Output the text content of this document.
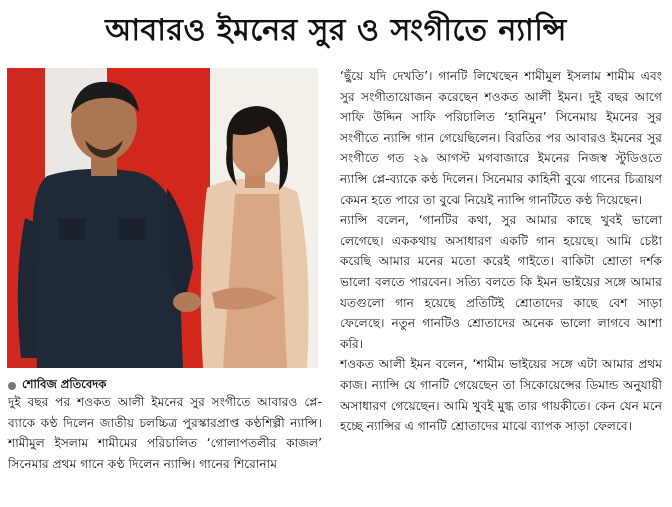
আবারও ইমনের সুর ও সংগীতে ন্যান্সি
শোবিজ প্রতিবেদক

দুই বছর পর শওকত আলী ইমনের সুর সংগীতে আবারও প্লে-ব্যাকে কণ্ঠ দিলেন জাতীয় চলচ্চিত্র পুরস্কারপ্রাপ্ত কণ্ঠশিল্পী ন্যান্সি। শামীমুল ইসলাম শামীমের পরিচালিত ‘গোলাপতলীর কাজল’ সিনেমার প্রথম গানে কণ্ঠ দিলেন ন্যান্সি। গানের শিরোনাম

‘ছুঁয়ে যদি দেখতি’। গানটি লিখেছেন শামীমুল ইসলাম শামীম এবং সুর সংগীতায়োজন করেছেন শওকত আলী ইমন। দুই বছর আগে সাফি উদ্দিন সাফি পরিচালিত ‘হানিমুন’ সিনেমায় ইমনের সুর সংগীতে ন্যান্সি গান গেয়েছিলেন। বিরতির পর আবারও ইমনের সুর সংগীতে গত ২৯ আগস্ট মগবাজারে ইমনের নিজস্ব স্টুডিওতে ন্যান্সি প্লে-ব্যাকে কণ্ঠ দিলেন। সিনেমার কাহিনী বুঝে গানের চিত্রায়ণ কেমন হতে পারে তা বুঝে নিয়েই ন্যান্সি গানটিতে কণ্ঠ দিয়েছেন।

ন্যান্সি বলেন, ‘গানটির কথা, সুর আমার কাছে খুবই ভালো লেগেছে। এককথায় অসাধারণ একটি গান হয়েছে। আমি চেষ্টা করেছি আমার মনের মতো করেই গাইতে। বাকিটা শ্রোতা দর্শক ভালো বলতে পারবেন। সত্যি বলতে কি ইমন ভাইয়ের সঙ্গে আমার যতগুলো গান হয়েছে প্রতিটিই শ্রোতাদের কাছে বেশ সাড়া ফেলেছে। নতুন গানটিও শ্রোতাদের অনেক ভালো লাগবে আশা করি।

শওকত আলী ইমন বলেন, ‘শামীম ভাইয়ের সঙ্গে এটা আমার প্রথম কাজ। ন্যান্সি যে গানটি গেয়েছেন তা সিকোয়েন্সের ডিমান্ড অনুযায়ী অসাধারণ গেয়েছেন। আমি খুবই মুগ্ধ তার গায়কীতে। কেন যেন মনে হচ্ছে ন্যান্সির এ গানটি শ্রোতাদের মাঝে ব্যাপক সাড়া ফেলবে।
